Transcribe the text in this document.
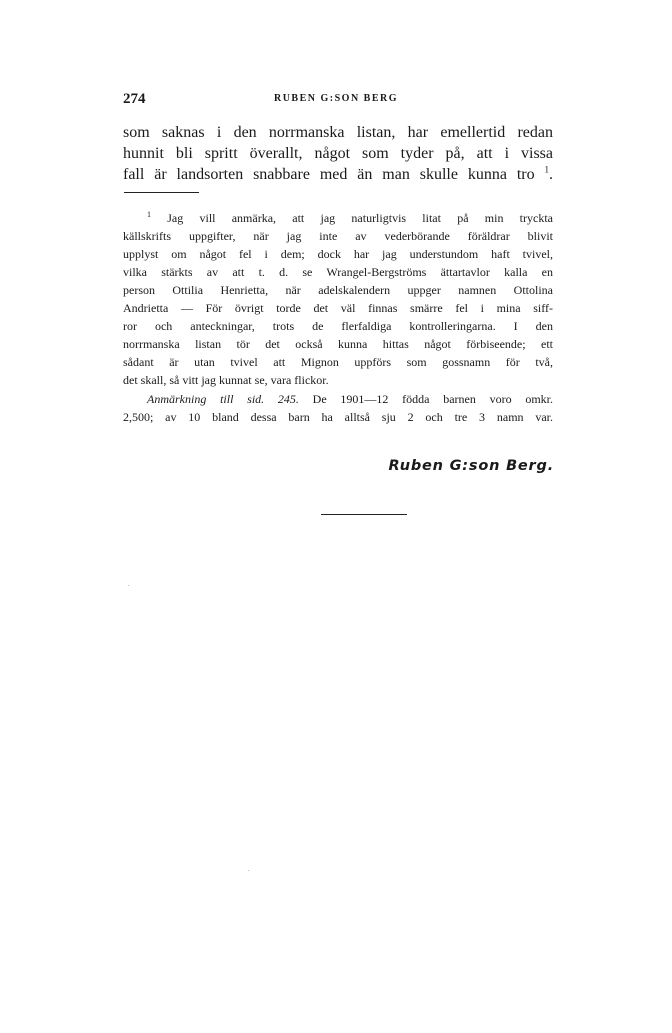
274	RUBEN G:SON BERG
som saknas i den norrmanska listan, har emellertid redan
hunnit bli spritt överallt, något som tyder på, att i vissa
fall är landsorten snabbare med än man skulle kunna tro $^1$.
$^1$ Jag vill anmärka, att jag naturligtvis litat på min tryckta
källskrifts uppgifter, när jag inte av vederbörande föräldrar blivit
upplyst om något fel i dem; dock har jag understundom haft tvivel,
vilka stärkts av att t. d. se Wrangel-Bergströms ättartavlor kalla en
person Ottilia Henrietta, när adelskalendern uppger namnen Ottolina
Andrietta — För övrigt torde det väl finnas smärre fel i mina siff-
ror och anteckningar, trots de flerfaldiga kontrolleringarna. I den
norrmanska listan tör det också kunna hittas något förbiseende; ett
sådant är utan tvivel att Mignon uppförs som gossnamn för två,
det skall, så vitt jag kunnat se, vara flickor.
Anmärkning till sid. 245. De 1901—12 födda barnen voro omkr.
2,500; av 10 bland dessa barn ha alltså sju 2 och tre 3 namn var.
Ruben G:son Berg.
